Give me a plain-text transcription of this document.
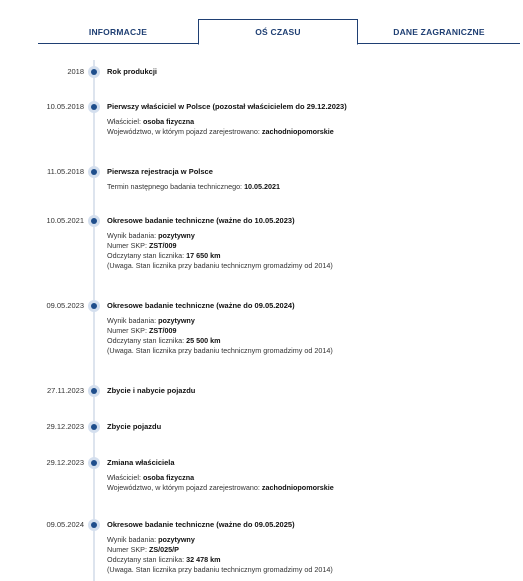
INFORMACJE	OŚ CZASU	DANE ZAGRANICZNE
2018	Rok produkcji
10.05.2018	Pierwszy właściciel w Polsce (pozostał właścicielem do 29.12.2023)
Właściciel: osoba fizyczna
Województwo, w którym pojazd zarejestrowano: zachodniopomorskie
11.05.2018	Pierwsza rejestracja w Polsce
Termin następnego badania technicznego: 10.05.2021
10.05.2021	Okresowe badanie techniczne (ważne do 10.05.2023)
Wynik badania: pozytywny
Numer SKP: ZST/009
Odczytany stan licznika: 17 650 km
(Uwaga. Stan licznika przy badaniu technicznym gromadzimy od 2014)
09.05.2023	Okresowe badanie techniczne (ważne do 09.05.2024)
Wynik badania: pozytywny
Numer SKP: ZST/009
Odczytany stan licznika: 25 500 km
(Uwaga. Stan licznika przy badaniu technicznym gromadzimy od 2014)
27.11.2023	Zbycie i nabycie pojazdu
29.12.2023	Zbycie pojazdu
29.12.2023	Zmiana właściciela
Właściciel: osoba fizyczna
Województwo, w którym pojazd zarejestrowano: zachodniopomorskie
09.05.2024	Okresowe badanie techniczne (ważne do 09.05.2025)
Wynik badania: pozytywny
Numer SKP: ZS/025/P
Odczytany stan licznika: 32 478 km
(Uwaga. Stan licznika przy badaniu technicznym gromadzimy od 2014)
